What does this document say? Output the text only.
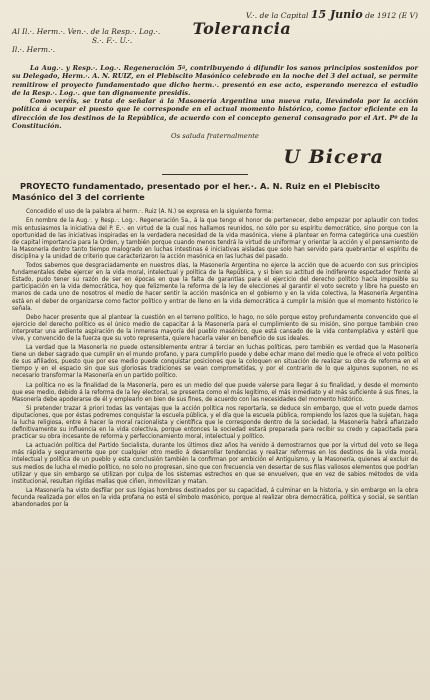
V.·. de la Capital 15 Junio de 1912 (E V)
Al Il.·. Herm.·. Ven.·. de la Resp.·. Log.·. Tolerancia
S.·. F.·. U.·.
Il.·. Herm.·.

La Aug.·. y Resp.·. Log.·. Regeneración 5ª, contribuyendo á difundir los sanos principios sostenidos por su Delegado, Herm.·. A. N. RUIZ, en el Plebiscito Masónico celebrado en la noche del 3 del actual, se permite remitirow el proyecto fundamentado que dicho herm.·. presentó en ese acto, esperando merezca el estudio de la Resp.·. Log.·. que tan dignamente presidís.

Como veréis, se trata de señalar á la Masonería Argentina una nueva ruta, llevándola por la acción política á ocupar el puesto que le corresponde en el actual momento histórico, como factor eficiente en la dirección de los destinos de la República, de acuerdo con el concepto general consagrado por el Art. Pº de la Constitución.

Os saluda fraternalmente
U Bicera
PROYECTO fundamentado, presentado por el her.·. A. N. Ruiz en el Plebiscito Masónico del 3 del corriente

Concedido el uso de la palabra al herm.·. Ruiz (A. N.) se expresa en la siguiente forma:

En nombre de la Aug.·. y Resp.·. Log.·. Regeneración 5a., á la que tengo el honor de pertenecer, debo empezar por aplaudir con todos mis entusiasmos la iniciativa del P. E.·. en virtud de la cual nos hallamos reunidos, no sólo por su espíritu democrático, sino porque con la oportunidad de las iniciativas inspiradas en la verdadera necesidad de la vida masónica, viene á plantear en forma categórica una cuestión de capital importancia para la Orden, y también porque cuando menos tendrá la virtud de uniformar y orientar la acción y el pensamiento de la Masonería dentro tanto tiempo malogrado en luchas intestinas é iniciativas aisladas que solo han servido para quebrantar el espíritu de disciplina y la unidad de criterio que caracterizaron la acción masónica en las luchas del pasado.

Todos sabemos que desgraciadamente en nuestros días, la Masonería Argentina no ejerce la acción que de acuerdo con sus principios fundamentales debe ejercer en la vida moral, intelectual y política de la República, y si bien su actitud de indiferente espectador frente al Estado, pudo tener su razón de ser en épocas en que la falta de garantías para el ejercicio del derecho político hacía imposible su participación en la vida democrática, hoy que felizmente la reforma de la ley de elecciones al garantir el voto secreto y libre ha puesto en manos de cada uno de nosotros el medio de hacer sentir la acción masónica en el gobierno y en la vida colectiva, la Masonería Argentina está en el deber de organizarse como factor político y entrar de lleno en la vida democrática á cumplir la misión que el momento histórico le señala.

Debo hacer presente que al plantear la cuestión en el terreno político, lo hago, no sólo porque estoy profundamente convencido que el ejercicio del derecho político es el único medio de capacitar á la Masonería para el cumplimiento de su misión, sino porque también creo interpretar una ardiente aspiración de la inmensa mayoría del pueblo masónico, que está cansado de la vida contemplativa y estéril que vive, y convencido de la fuerza que su voto representa, quiere hacerla valer en beneficio de sus ideales.

La verdad que la Masonería no puede ostensiblemente entrar á terciar en luchas políticas, pero también es verdad que la Masonería tiene un deber sagrado que cumplir en el mundo profano, y para cumplirlo puede y debe echar mano del medio que le ofrece el voto político de sus afiliados, puesto que por ese medio puede conquistar posiciones que la coloquen en situación de realizar su obra de reforma en el tiempo y en el espacio sin que sus gloriosas tradiciones se vean comprometidas, y por el contrario de lo que algunos suponen, no es necesario transformar la Masonería en un partido político.

La política no es la finalidad de la Masonería, pero es un medio del que puede valerse para llegar á su finalidad, y desde el momento que ese medio, debido á la reforma de la ley electoral, se presenta como el más legítimo, el más inmediato y el más suficiente á sus fines, la Masonería debe apoderarse de él y emplearlo en bien de sus fines, de acuerdo con las necesidades del momento histórico.

Si pretender trazar á priori todas las ventajas que la acción política nos reportaría, se deduce sin embargo, que el voto puede darnos diputaciones, que por éstas podremos conquistar la escuela pública, y el día que la escuela pública, rompiendo los lazos que la sujetan, haga la lucha religiosa, entre á hacer la moral racionalista y científica que le corresponde dentro de la sociedad, la Masonería habrá afianzado definitivamente su influencia en la vida colectiva, porque entonces la sociedad estará preparada para recibir su credo y capacitada para practicar su obra incesante de reforma y perfeccionamiento moral, intelectual y político.

La actuación política del Partido Socialista, durante los últimos diez años ha venido á demostrarnos que por la virtud del voto se llega más rápida y seguramente que por cualquier otro medio á desarrollar tendencias y realizar reformas en los destinos de la vida moral, intelectual y política de un pueblo y esta conclusión también la confirman por ambición el Antiguismo, y la Masonería, quienes al excluir de sus medios de lucha el medio político, no solo no progresan, sino que con frecuencia ven desertar de sus filas valiosos elementos que podrían utilizar y que sin embargo se utilizan por culpa de los sistemas estrechos en que se envuelven, que en vez de sabios métodos de vida institucional, resultan rígidas mallas que ciñen, inmovilizan y matan.

La Masonería ha visto desfilar por sus lógias hombres destinados por su capacidad, á culminar en la historia, y sin embargo en la obra fecunda realizada por ellos en la vida profana no está el símbolo masónico, porque al realizar obra democrática, política y social, se sentían abandonados por la
